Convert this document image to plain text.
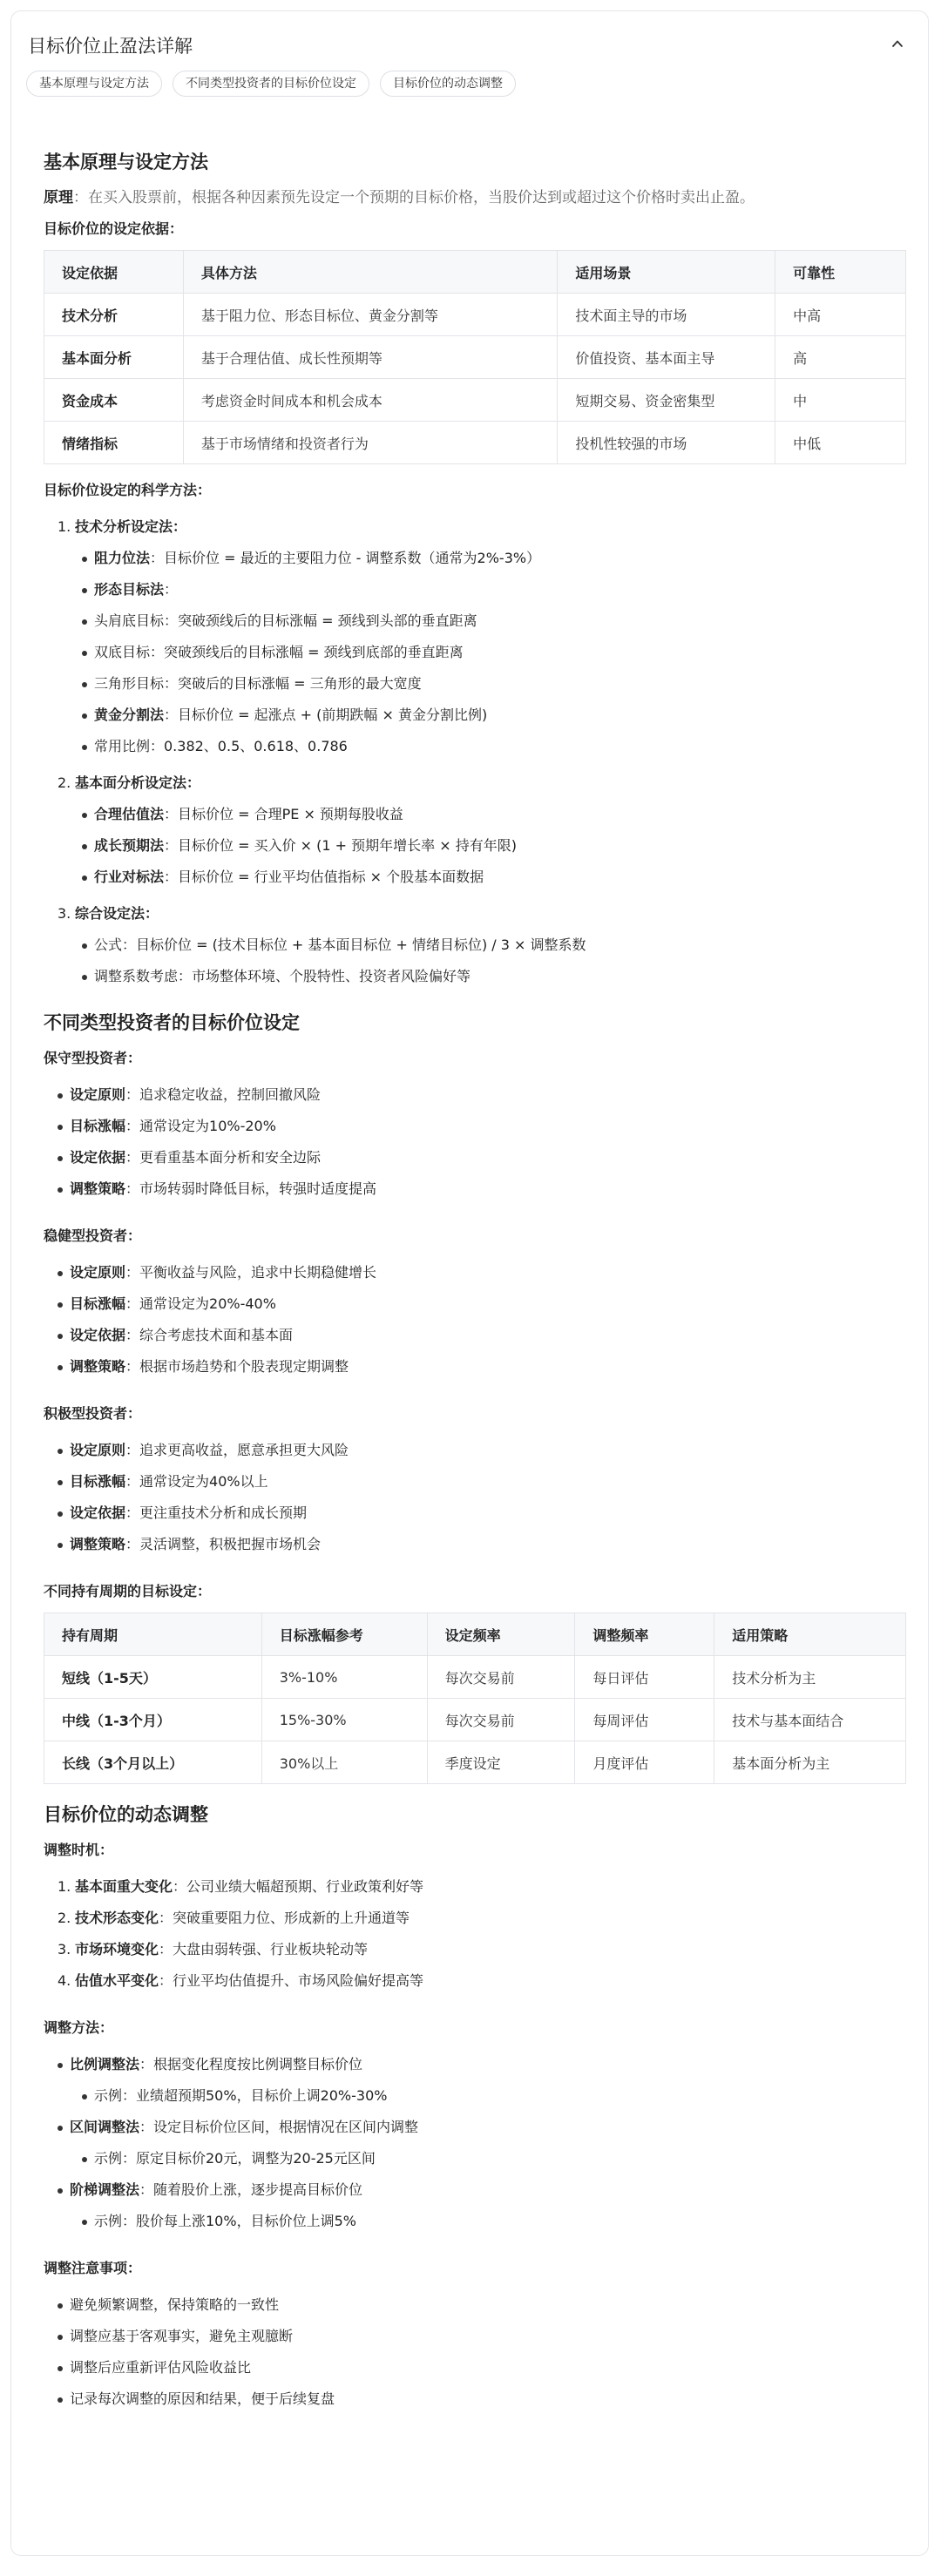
目标价位止盈法详解
基本原理与设定方法	不同类型投资者的目标价位设定	目标价位的动态调整
基本原理与设定方法
原理：在买入股票前，根据各种因素预先设定一个预期的目标价格，当股价达到或超过这个价格时卖出止盈。
目标价位的设定依据：
设定依据	具体方法	适用场景	可靠性
技术分析	基于阻力位、形态目标位、黄金分割等	技术面主导的市场	中高
基本面分析	基于合理估值、成长性预期等	价值投资、基本面主导	高
资金成本	考虑资金时间成本和机会成本	短期交易、资金密集型	中
情绪指标	基于市场情绪和投资者行为	投机性较强的市场	中低
目标价位设定的科学方法：
1. 技术分析设定法：
阻力位法：目标价位 = 最近的主要阻力位 - 调整系数（通常为2%-3%）
形态目标法：
头肩底目标：突破颈线后的目标涨幅 = 颈线到头部的垂直距离
双底目标：突破颈线后的目标涨幅 = 颈线到底部的垂直距离
三角形目标：突破后的目标涨幅 = 三角形的最大宽度
黄金分割法：目标价位 = 起涨点 + (前期跌幅 × 黄金分割比例)
常用比例：0.382、0.5、0.618、0.786
2. 基本面分析设定法：
合理估值法：目标价位 = 合理PE × 预期每股收益
成长预期法：目标价位 = 买入价 × (1 + 预期年增长率 × 持有年限)
行业对标法：目标价位 = 行业平均估值指标 × 个股基本面数据
3. 综合设定法：
公式：目标价位 = (技术目标位 + 基本面目标位 + 情绪目标位) / 3 × 调整系数
调整系数考虑：市场整体环境、个股特性、投资者风险偏好等
不同类型投资者的目标价位设定
保守型投资者：
设定原则：追求稳定收益，控制回撤风险
目标涨幅：通常设定为10%-20%
设定依据：更看重基本面分析和安全边际
调整策略：市场转弱时降低目标，转强时适度提高
稳健型投资者：
设定原则：平衡收益与风险，追求中长期稳健增长
目标涨幅：通常设定为20%-40%
设定依据：综合考虑技术面和基本面
调整策略：根据市场趋势和个股表现定期调整
积极型投资者：
设定原则：追求更高收益，愿意承担更大风险
目标涨幅：通常设定为40%以上
设定依据：更注重技术分析和成长预期
调整策略：灵活调整，积极把握市场机会
不同持有周期的目标设定：
持有周期	目标涨幅参考	设定频率	调整频率	适用策略
短线（1-5天）	3%-10%	每次交易前	每日评估	技术分析为主
中线（1-3个月）	15%-30%	每次交易前	每周评估	技术与基本面结合
长线（3个月以上）	30%以上	季度设定	月度评估	基本面分析为主
目标价位的动态调整
调整时机：
1. 基本面重大变化：公司业绩大幅超预期、行业政策利好等
2. 技术形态变化：突破重要阻力位、形成新的上升通道等
3. 市场环境变化：大盘由弱转强、行业板块轮动等
4. 估值水平变化：行业平均估值提升、市场风险偏好提高等
调整方法：
比例调整法：根据变化程度按比例调整目标价位
示例：业绩超预期50%，目标价上调20%-30%
区间调整法：设定目标价位区间，根据情况在区间内调整
示例：原定目标价20元，调整为20-25元区间
阶梯调整法：随着股价上涨，逐步提高目标价位
示例：股价每上涨10%，目标价位上调5%
调整注意事项：
避免频繁调整，保持策略的一致性
调整应基于客观事实，避免主观臆断
调整后应重新评估风险收益比
记录每次调整的原因和结果，便于后续复盘
